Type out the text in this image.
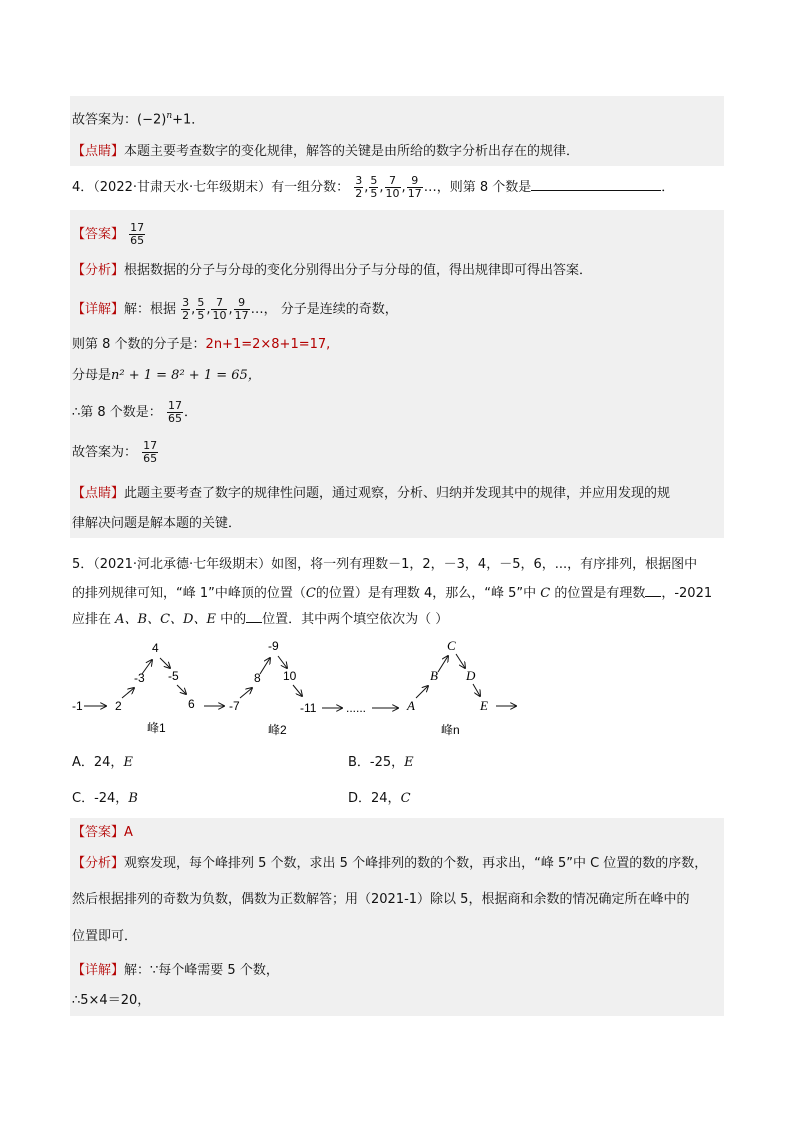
故答案为：$(-2)^n+1$．
【点睛】本题主要考查数字的变化规律，解答的关键是由所给的数字分析出存在的规律．
4．（2022·甘肃天水·七年级期末）有一组分数： $\frac{3}{2}$ , $\frac{5}{5}$ , $\frac{7}{10}$ , $\frac{9}{17}$ …，则第 8 个数是	．
【答案】 $\frac{17}{65}$
【分析】根据数据的分子与分母的变化分别得出分子与分母的值，得出规律即可得出答案．
【详解】解：根据 $\frac{3}{2}$ , $\frac{5}{5}$ , $\frac{7}{10}$ , $\frac{9}{17}$ …， 分子是连续的奇数，
则第 8 个数的分子是：2n+1=2×8+1=17,
分母是n² + 1 = 8² + 1 = 65，
∴第 8 个数是： $\frac{17}{65}$ ．
故答案为： $\frac{17}{65}$
【点睛】此题主要考查了数字的规律性问题，通过观察，分析、归纳并发现其中的规律，并应用发现的规
律解决问题是解本题的关键．
5．（2021·河北承德·七年级期末）如图，将一列有理数－1，2，－3，4，－5，6，...，有序排列，根据图中
的排列规律可知，“峰 1”中峰顶的位置（C的位置）是有理数 4，那么，“峰 5”中 C 的位置是有理数 ，-2021
应排在 A、B、C、D、E 中的 位置．其中两个填空依次为（ ）
-1	2
-3
4
-5
6	-7
8
-9
10
-11 ......	A
B
C
D
E
峰1	峰2	峰n
A．24，E	B．-25，E
C．-24，B	D．24，C
【答案】A
【分析】观察发现，每个峰排列 5 个数，求出 5 个峰排列的数的个数，再求出，“峰 5”中 C 位置的数的序数，
然后根据排列的奇数为负数，偶数为正数解答；用（2021-1）除以 5，根据商和余数的情况确定所在峰中的
位置即可．
【详解】解：∵每个峰需要 5 个数，
∴5×4＝20，
